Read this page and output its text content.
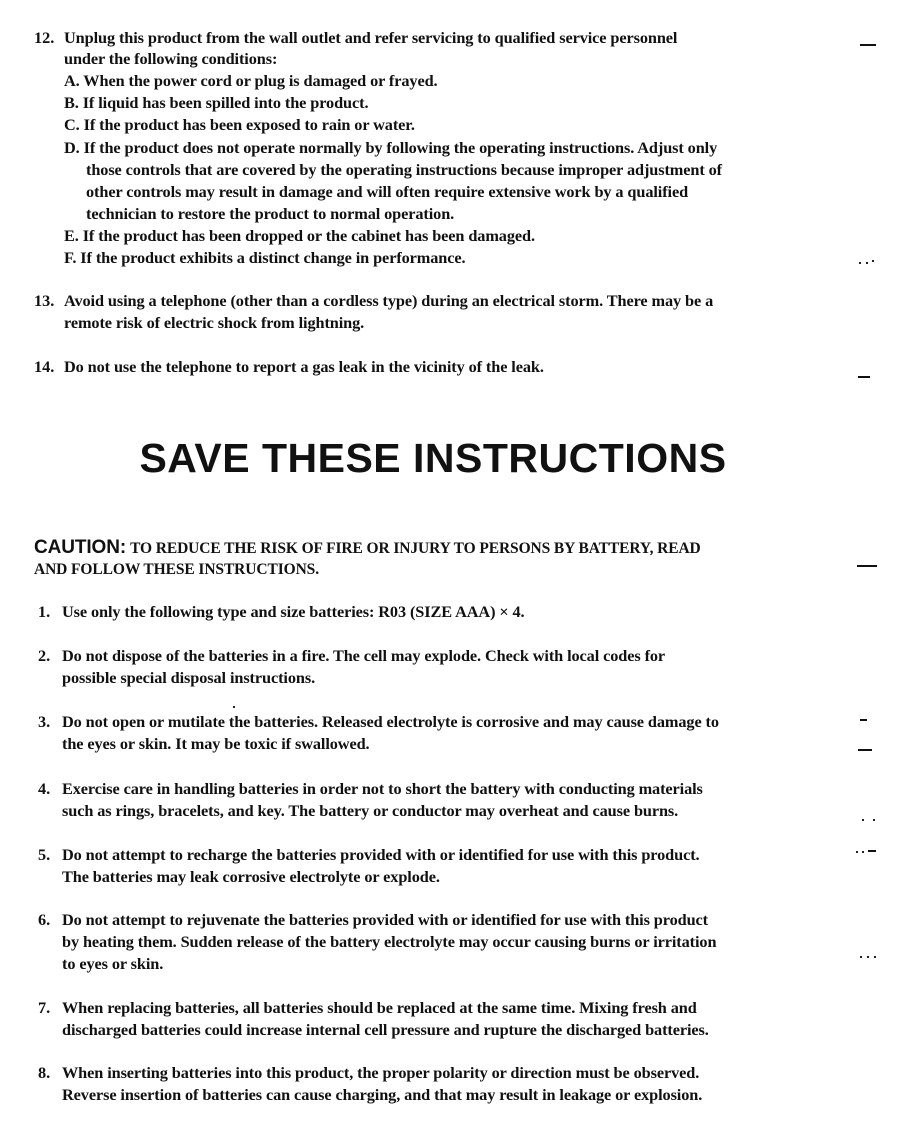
12. Unplug this product from the wall outlet and refer servicing to qualified service personnel
under the following conditions:
A. When the power cord or plug is damaged or frayed.
B. If liquid has been spilled into the product.
C. If the product has been exposed to rain or water.
D. If the product does not operate normally by following the operating instructions. Adjust only
those controls that are covered by the operating instructions because improper adjustment of
other controls may result in damage and will often require extensive work by a qualified
technician to restore the product to normal operation.
E. If the product has been dropped or the cabinet has been damaged.
F. If the product exhibits a distinct change in performance.
13. Avoid using a telephone (other than a cordless type) during an electrical storm. There may be a
remote risk of electric shock from lightning.
14. Do not use the telephone to report a gas leak in the vicinity of the leak.
SAVE THESE INSTRUCTIONS
CAUTION: TO REDUCE THE RISK OF FIRE OR INJURY TO PERSONS BY BATTERY, READ
AND FOLLOW THESE INSTRUCTIONS.
1. Use only the following type and size batteries: R03 (SIZE AAA) × 4.
2. Do not dispose of the batteries in a fire. The cell may explode. Check with local codes for
possible special disposal instructions.
3. Do not open or mutilate the batteries. Released electrolyte is corrosive and may cause damage to
the eyes or skin. It may be toxic if swallowed.
4. Exercise care in handling batteries in order not to short the battery with conducting materials
such as rings, bracelets, and key. The battery or conductor may overheat and cause burns.
5. Do not attempt to recharge the batteries provided with or identified for use with this product.
The batteries may leak corrosive electrolyte or explode.
6. Do not attempt to rejuvenate the batteries provided with or identified for use with this product
by heating them. Sudden release of the battery electrolyte may occur causing burns or irritation
to eyes or skin.
7. When replacing batteries, all batteries should be replaced at the same time. Mixing fresh and
discharged batteries could increase internal cell pressure and rupture the discharged batteries.
8. When inserting batteries into this product, the proper polarity or direction must be observed.
Reverse insertion of batteries can cause charging, and that may result in leakage or explosion.
